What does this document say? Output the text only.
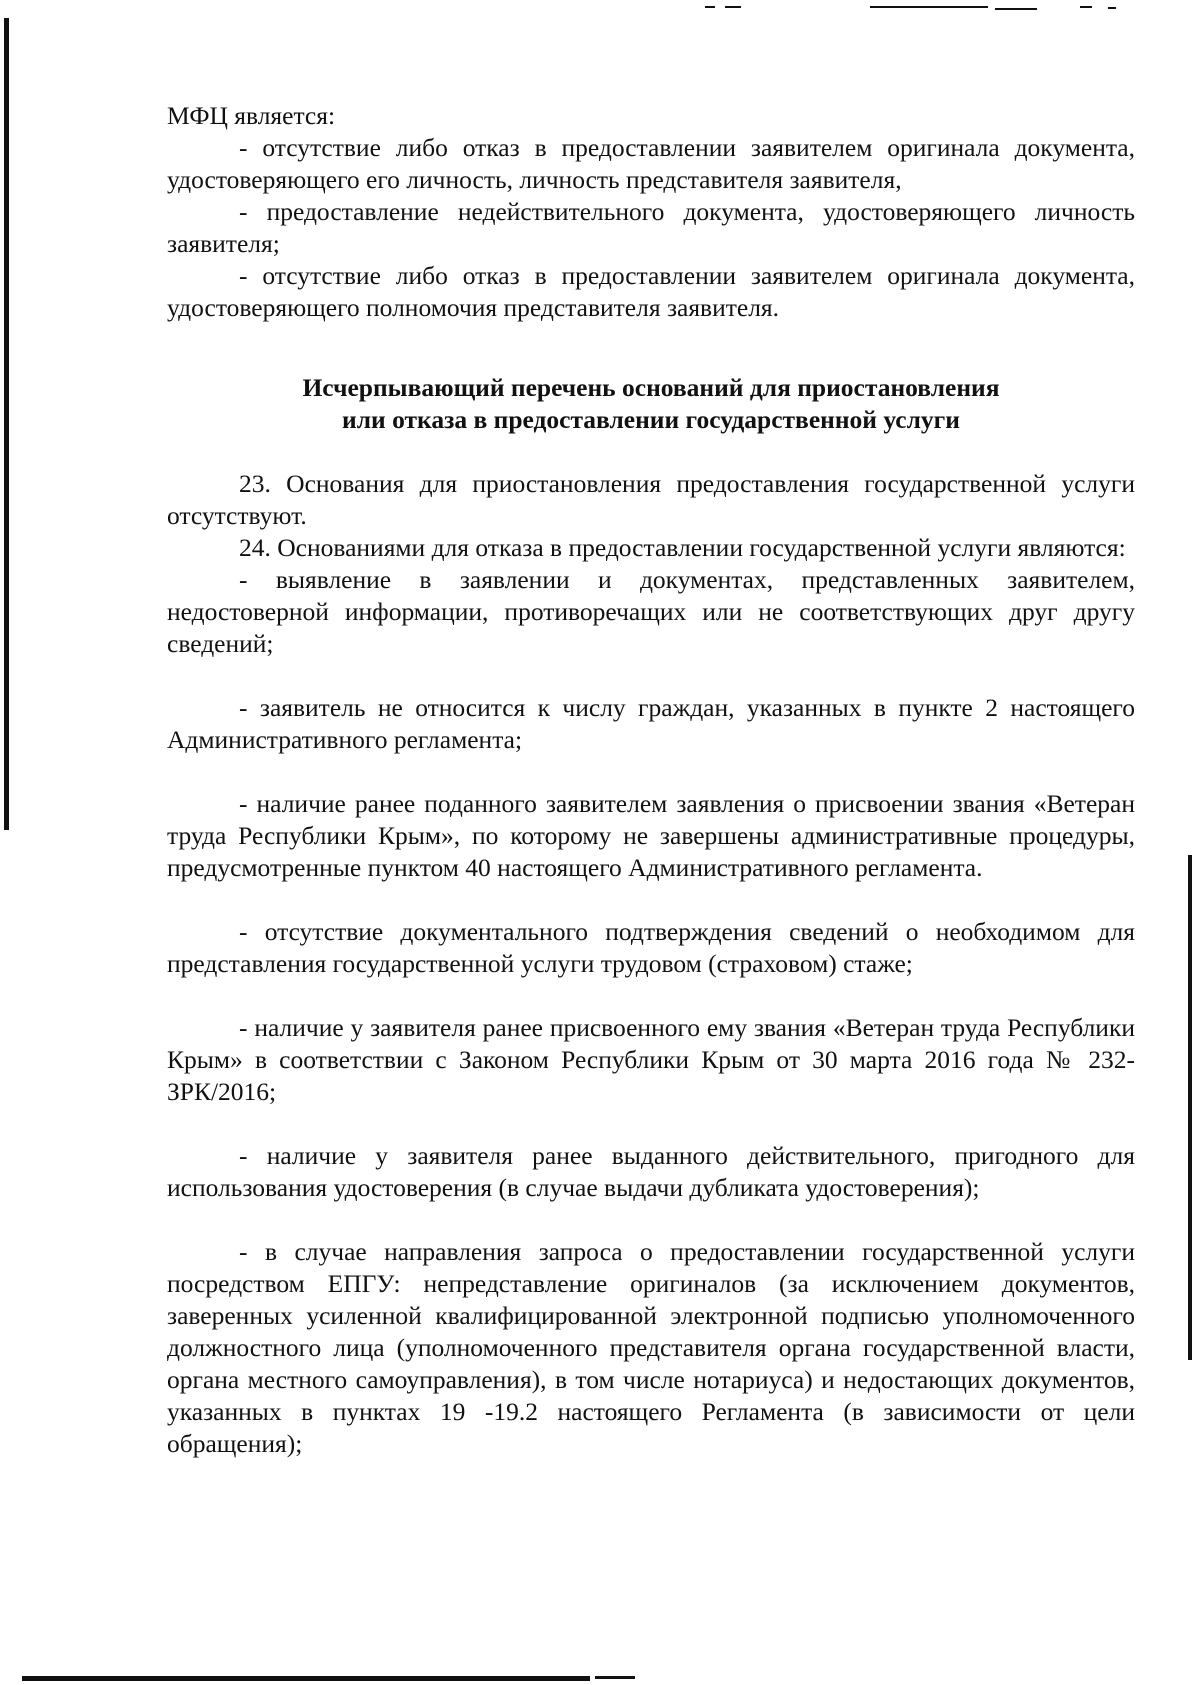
МФЦ является:

- отсутствие либо отказ в предоставлении заявителем оригинала документа, удостоверяющего его личность, личность представителя заявителя,

- предоставление недействительного документа, удостоверяющего личность заявителя;

- отсутствие либо отказ в предоставлении заявителем оригинала документа, удостоверяющего полномочия представителя заявителя.

Исчерпывающий перечень оснований для приостановления

или отказа в предоставлении государственной услуги

23. Основания для приостановления предоставления государственной услуги отсутствуют.

24. Основаниями для отказа в предоставлении государственной услуги являются:

- выявление в заявлении и документах, представленных заявителем, недостоверной информации, противоречащих или не соответствующих друг другу сведений;

- заявитель не относится к числу граждан, указанных в пункте 2 настоящего Административного регламента;

- наличие ранее поданного заявителем заявления о присвоении звания «Ветеран труда Республики Крым», по которому не завершены административные процедуры, предусмотренные пунктом 40 настоящего Административного регламента.

- отсутствие документального подтверждения сведений о необходимом для представления государственной услуги трудовом (страховом) стаже;

- наличие у заявителя ранее присвоенного ему звания «Ветеран труда Республики Крым» в соответствии с Законом Республики Крым от 30 марта 2016 года № 232-ЗРК/2016;

- наличие у заявителя ранее выданного действительного, пригодного для использования удостоверения (в случае выдачи дубликата удостоверения);

- в случае направления запроса о предоставлении государственной услуги посредством ЕПГУ: непредставление оригиналов (за исключением документов, заверенных усиленной квалифицированной электронной подписью уполномоченного должностного лица (уполномоченного представителя органа государственной власти, органа местного самоуправления), в том числе нотариуса) и недостающих документов, указанных в пунктах 19 -19.2 настоящего Регламента (в зависимости от цели обращения);
